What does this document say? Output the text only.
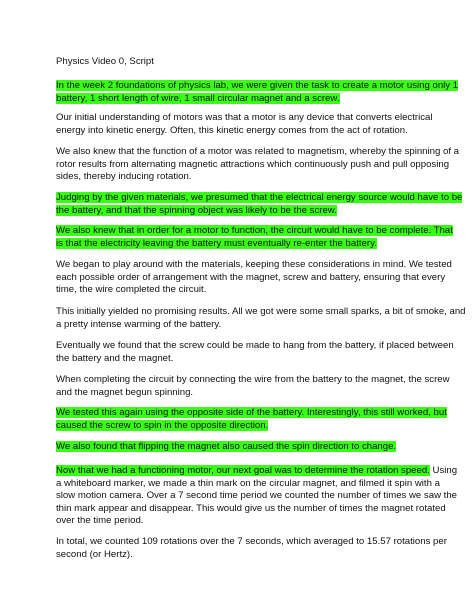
Physics Video 0, Script
In the week 2 foundations of physics lab, we were given the task to create a motor using only 1
battery, 1 short length of wire, 1 small circular magnet and a screw.
Our initial understanding of motors was that a motor is any device that converts electrical
energy into kinetic energy. Often, this kinetic energy comes from the act of rotation.
We also knew that the function of a motor was related to magnetism, whereby the spinning of a
rotor results from alternating magnetic attractions which continuously push and pull opposing
sides, thereby inducing rotation.
Judging by the given materials, we presumed that the electrical energy source would have to be
the battery, and that the spinning object was likely to be the screw.
We also knew that in order for a motor to function, the circuit would have to be complete. That
is that the electricity leaving the battery must eventually re-enter the battery.
We began to play around with the materials, keeping these considerations in mind. We tested
each possible order of arrangement with the magnet, screw and battery, ensuring that every
time, the wire completed the circuit.
This initially yielded no promising results. All we got were some small sparks, a bit of smoke, and
a pretty intense warming of the battery.
Eventually we found that the screw could be made to hang from the battery, if placed between
the battery and the magnet.
When completing the circuit by connecting the wire from the battery to the magnet, the screw
and the magnet begun spinning.
We tested this again using the opposite side of the battery. Interestingly, this still worked, but
caused the screw to spin in the opposite direction.
We also found that flipping the magnet also caused the spin direction to change.
Now that we had a functioning motor, our next goal was to determine the rotation speed. Using
a whiteboard marker, we made a thin mark on the circular magnet, and filmed it spin with a
slow motion camera. Over a 7 second time period we counted the number of times we saw the
thin mark appear and disappear. This would give us the number of times the magnet rotated
over the time period.
In total, we counted 109 rotations over the 7 seconds, which averaged to 15.57 rotations per
second (or Hertz).
